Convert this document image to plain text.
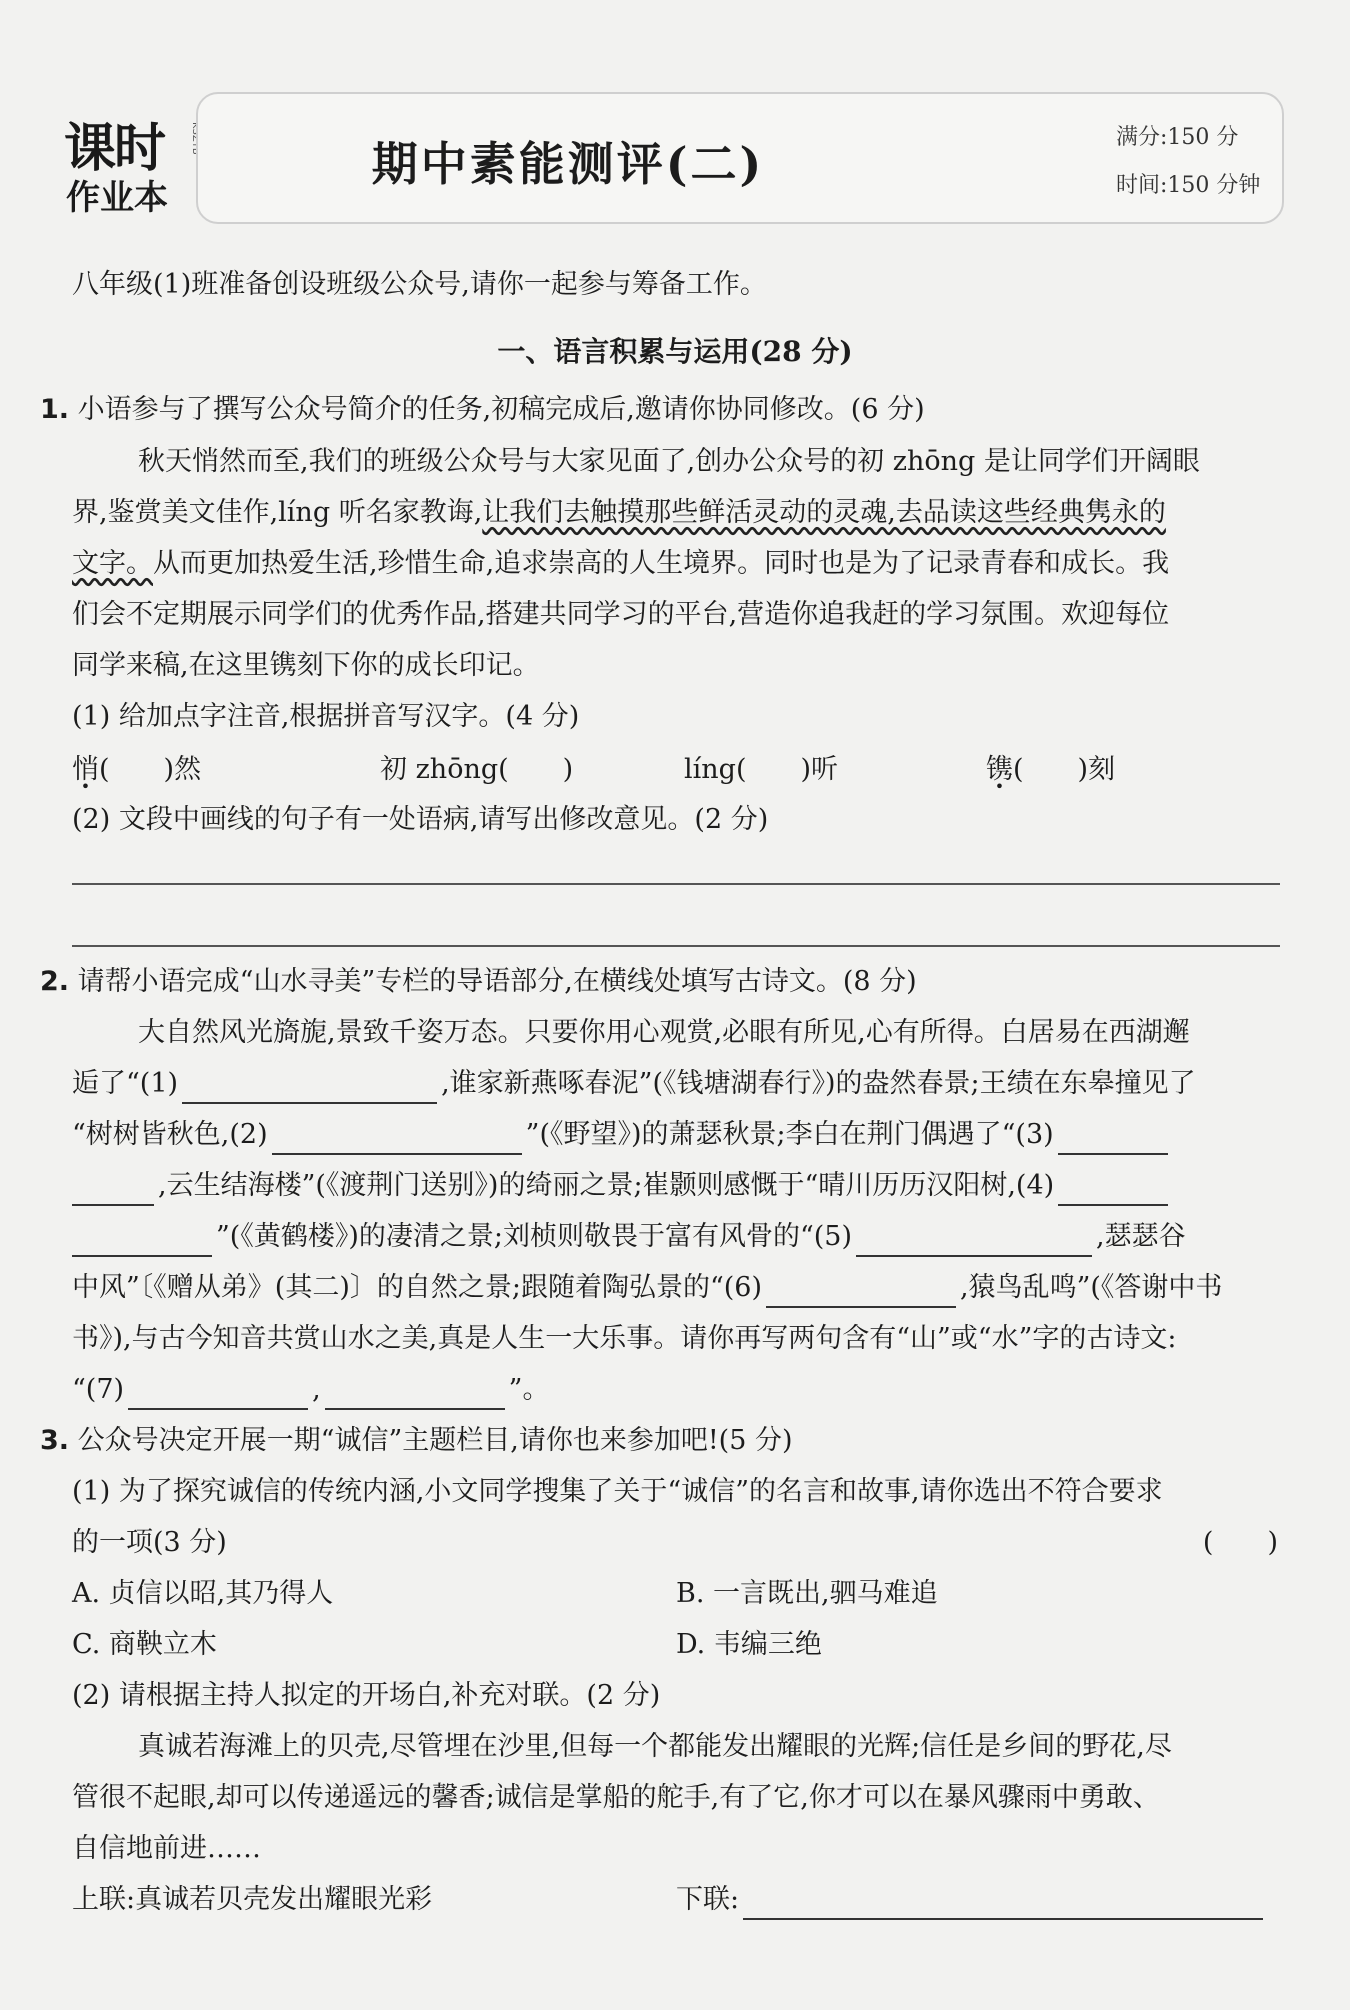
课时
作业本
期中素能测评(二)	满分:150 分
时间:150 分钟
八年级(1)班准备创设班级公众号,请你一起参与筹备工作。
一、语言积累与运用(28 分)
1. 小语参与了撰写公众号简介的任务,初稿完成后,邀请你协同修改。(6 分)
秋天悄然而至,我们的班级公众号与大家见面了,创办公众号的初 zhōng 是让同学们开阔眼
界,鉴赏美文佳作,líng 听名家教诲,让我们去触摸那些鲜活灵动的灵魂,去品读这些经典隽永的
文字。从而更加热爱生活,珍惜生命,追求崇高的人生境界。同时也是为了记录青春和成长。我
们会不定期展示同学们的优秀作品,搭建共同学习的平台,营造你追我赶的学习氛围。欢迎每位
同学来稿,在这里镌刻下你的成长印记。
(1) 给加点字注音,根据拼音写汉字。(4 分)
悄(　　)然	初 zhōng(　　)	líng(　　)听	镌(　　)刻
(2) 文段中画线的句子有一处语病,请写出修改意见。(2 分)
2. 请帮小语完成“山水寻美”专栏的导语部分,在横线处填写古诗文。(8 分)
大自然风光旖旎,景致千姿万态。只要你用心观赏,必眼有所见,心有所得。白居易在西湖邂
逅了“(1)	,谁家新燕啄春泥”(《钱塘湖春行》)的盎然春景;王绩在东皋撞见了
“树树皆秋色,(2)	”(《野望》)的萧瑟秋景;李白在荆门偶遇了“(3)
,云生结海楼”(《渡荆门送别》)的绮丽之景;崔颢则感慨于“晴川历历汉阳树,(4)
”(《黄鹤楼》)的凄清之景;刘桢则敬畏于富有风骨的“(5)	,瑟瑟谷
中风”〔《赠从弟》(其二)〕的自然之景;跟随着陶弘景的“(6)	,猿鸟乱鸣”(《答谢中书
书》),与古今知音共赏山水之美,真是人生一大乐事。请你再写两句含有“山”或“水”字的古诗文:
“(7)	,	”。
3. 公众号决定开展一期“诚信”主题栏目,请你也来参加吧!(5 分)
(1) 为了探究诚信的传统内涵,小文同学搜集了关于“诚信”的名言和故事,请你选出不符合要求
的一项(3 分)	(　　)
A. 贞信以昭,其乃得人	B. 一言既出,驷马难追
C. 商鞅立木	D. 韦编三绝
(2) 请根据主持人拟定的开场白,补充对联。(2 分)
真诚若海滩上的贝壳,尽管埋在沙里,但每一个都能发出耀眼的光辉;信任是乡间的野花,尽
管很不起眼,却可以传递遥远的馨香;诚信是掌船的舵手,有了它,你才可以在暴风骤雨中勇敢、
自信地前进……
上联:真诚若贝壳发出耀眼光彩	下联:
